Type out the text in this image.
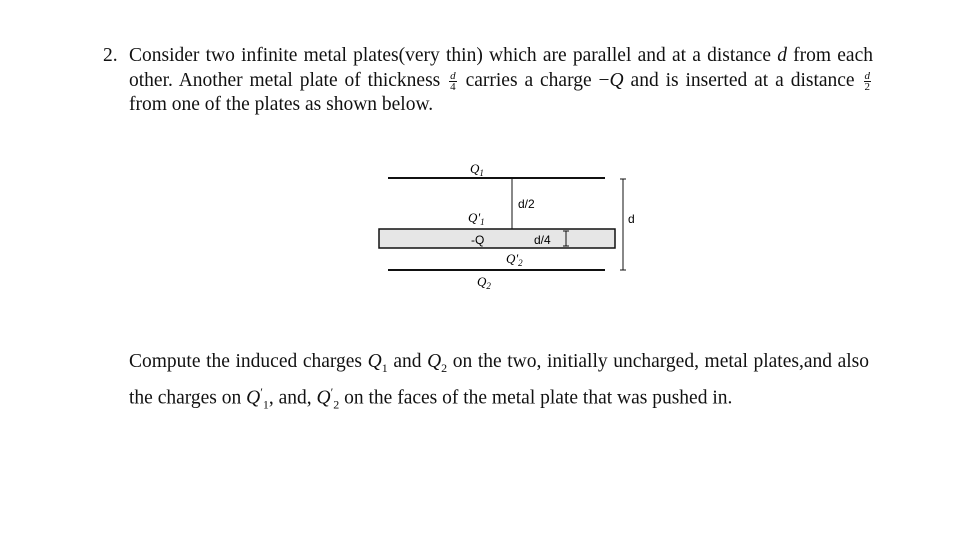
2. Consider two infinite metal plates(very thin) which are parallel and at a distance d from each other. Another metal plate of thickness $\frac{d}{4}$ carries a charge −Q and is inserted at a distance $\frac{d}{2}$
from one of the plates as shown below.
$Q_1$
$Q'_1$
-Q
$Q'_2$
$Q_2$
d/2
d/4
d
Compute the induced charges $Q_1$ and $Q_2$ on the two, initially uncharged, metal plates,and also the charges on $Q'_1$, and, $Q'_2$ on the faces of the metal plate that was pushed in.
